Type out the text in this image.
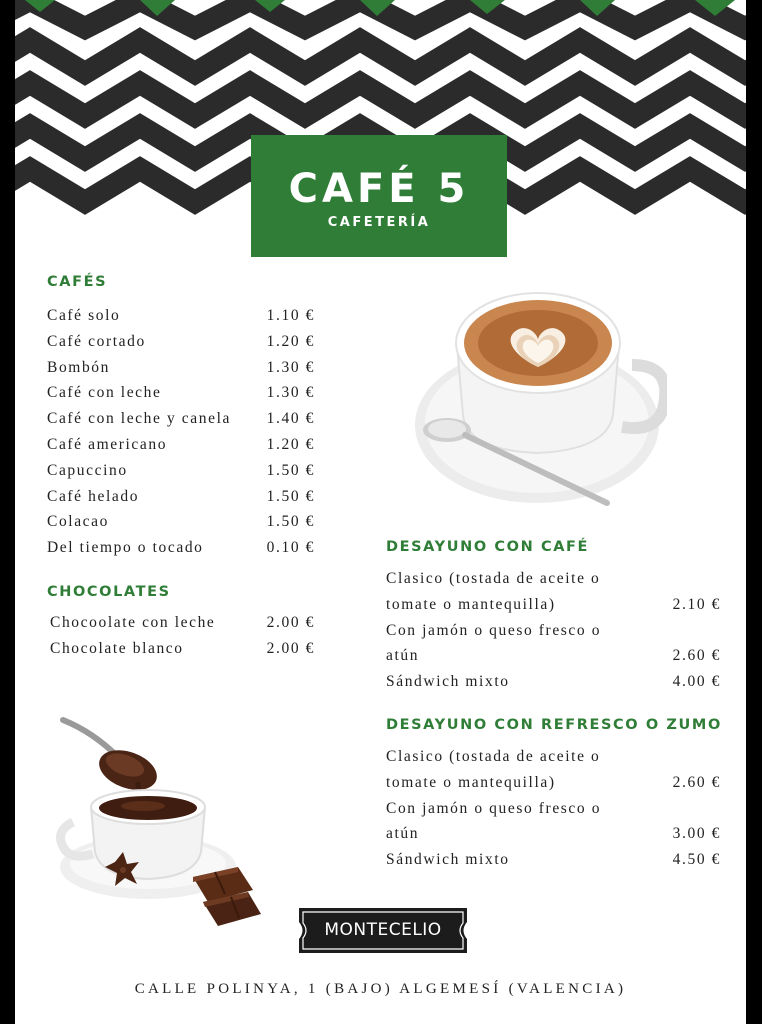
CAFÉ 5
CAFETERÍA
CAFÉS
Café solo	1.10 €
Café cortado	1.20 €
Bombón	1.30 €
Café con leche	1.30 €
Café con leche y canela 1.40 €
Café americano	1.20 €
Capuccino	1.50 €
Café helado	1.50 €
Colacao	1.50 €
Del tiempo o tocado	0.10 €
CHOCOLATES
Chocoolate con leche	2.00 €
Chocolate blanco	2.00 €
DESAYUNO CON CAFÉ
Clasico (tostada de aceite o
tomate o mantequilla)	2.10 €
Con jamón o queso fresco o
atún	2.60 €
Sándwich mixto	4.00 €
DESAYUNO CON REFRESCO O ZUMO
Clasico (tostada de aceite o
tomate o mantequilla)	2.60 €
Con jamón o queso fresco o
atún	3.00 €
Sándwich mixto	4.50 €
MONTECELIO
CALLE POLINYA, 1 (BAJO) ALGEMESÍ (VALENCIA)
